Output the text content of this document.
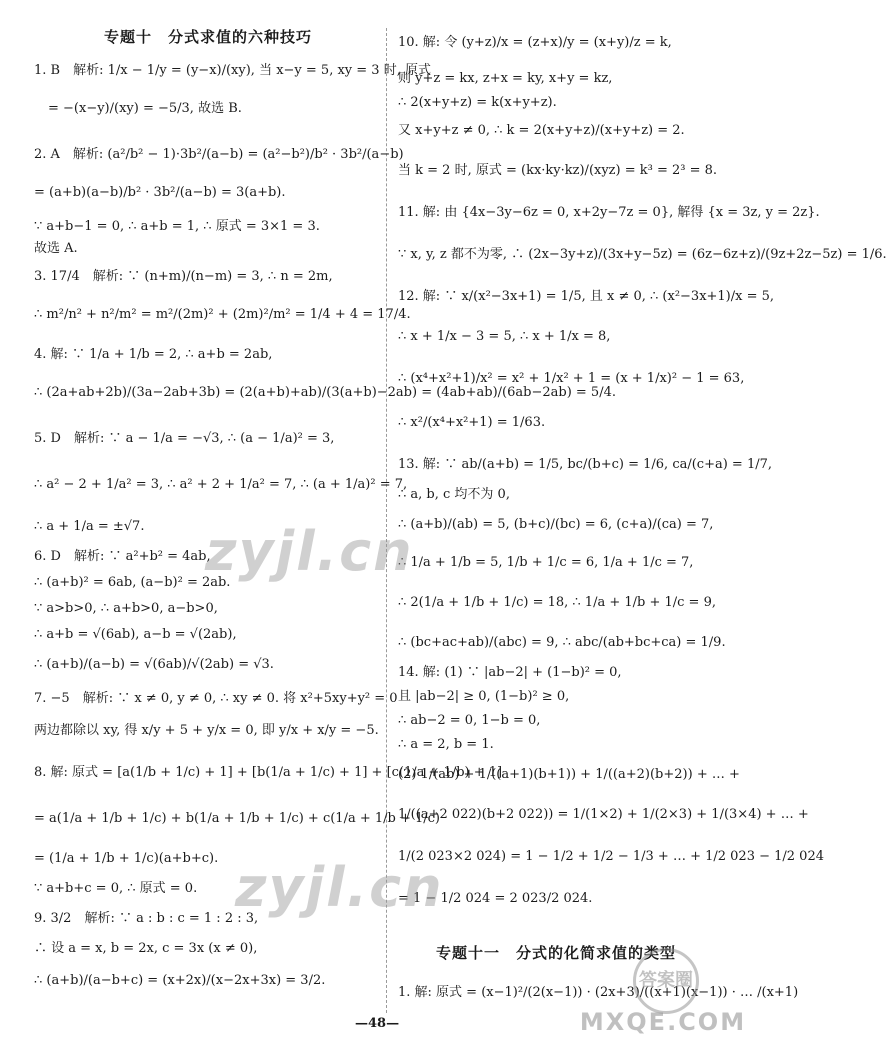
专题十　分式求值的六种技巧
1. B　解析: 1/x − 1/y = (y−x)/(xy), 当 x−y = 5, xy = 3 时, 原式
= −(x−y)/(xy) = −5/3, 故选 B.
2. A　解析: (a²/b² − 1)·3b²/(a−b) = (a²−b²)/b² · 3b²/(a−b)
= (a+b)(a−b)/b² · 3b²/(a−b) = 3(a+b).
∵ a+b−1 = 0, ∴ a+b = 1, ∴ 原式 = 3×1 = 3.
故选 A.
3. 17/4　解析: ∵ (n+m)/(n−m) = 3, ∴ n = 2m,
∴ m²/n² + n²/m² = m²/(2m)² + (2m)²/m² = 1/4 + 4 = 17/4.
4. 解: ∵ 1/a + 1/b = 2, ∴ a+b = 2ab,
∴ (2a+ab+2b)/(3a−2ab+3b) = (2(a+b)+ab)/(3(a+b)−2ab) = (4ab+ab)/(6ab−2ab) = 5/4.
5. D　解析: ∵ a − 1/a = −√3, ∴ (a − 1/a)² = 3,
∴ a² − 2 + 1/a² = 3, ∴ a² + 2 + 1/a² = 7, ∴ (a + 1/a)² = 7,
∴ a + 1/a = ±√7.
6. D　解析: ∵ a²+b² = 4ab,
∴ (a+b)² = 6ab, (a−b)² = 2ab.
∵ a>b>0, ∴ a+b>0, a−b>0,
∴ a+b = √(6ab), a−b = √(2ab),
∴ (a+b)/(a−b) = √(6ab)/√(2ab) = √3.
7. −5　解析: ∵ x ≠ 0, y ≠ 0, ∴ xy ≠ 0. 将 x²+5xy+y² = 0
两边都除以 xy, 得 x/y + 5 + y/x = 0, 即 y/x + x/y = −5.
8. 解: 原式 = [a(1/b + 1/c) + 1] + [b(1/a + 1/c) + 1] + [c(1/a + 1/b) + 1]
= a(1/a + 1/b + 1/c) + b(1/a + 1/b + 1/c) + c(1/a + 1/b + 1/c)
= (1/a + 1/b + 1/c)(a+b+c).
∵ a+b+c = 0, ∴ 原式 = 0.
9. 3/2　解析: ∵ a : b : c = 1 : 2 : 3,
∴ 设 a = x, b = 2x, c = 3x (x ≠ 0),
∴ (a+b)/(a−b+c) = (x+2x)/(x−2x+3x) = 3/2.
10. 解: 令 (y+z)/x = (z+x)/y = (x+y)/z = k,
则 y+z = kx, z+x = ky, x+y = kz,
∴ 2(x+y+z) = k(x+y+z).
又 x+y+z ≠ 0, ∴ k = 2(x+y+z)/(x+y+z) = 2.
当 k = 2 时, 原式 = (kx·ky·kz)/(xyz) = k³ = 2³ = 8.
11. 解: 由 {4x−3y−6z = 0, x+2y−7z = 0}, 解得 {x = 3z, y = 2z}.
∵ x, y, z 都不为零, ∴ (2x−3y+z)/(3x+y−5z) = (6z−6z+z)/(9z+2z−5z) = 1/6.
12. 解: ∵ x/(x²−3x+1) = 1/5, 且 x ≠ 0, ∴ (x²−3x+1)/x = 5,
∴ x + 1/x − 3 = 5, ∴ x + 1/x = 8,
∴ (x⁴+x²+1)/x² = x² + 1/x² + 1 = (x + 1/x)² − 1 = 63,
∴ x²/(x⁴+x²+1) = 1/63.
13. 解: ∵ ab/(a+b) = 1/5, bc/(b+c) = 1/6, ca/(c+a) = 1/7,
∴ a, b, c 均不为 0,
∴ (a+b)/(ab) = 5, (b+c)/(bc) = 6, (c+a)/(ca) = 7,
∴ 1/a + 1/b = 5, 1/b + 1/c = 6, 1/a + 1/c = 7,
∴ 2(1/a + 1/b + 1/c) = 18, ∴ 1/a + 1/b + 1/c = 9,
∴ (bc+ac+ab)/(abc) = 9, ∴ abc/(ab+bc+ca) = 1/9.
14. 解: (1) ∵ |ab−2| + (1−b)² = 0,
且 |ab−2| ≥ 0, (1−b)² ≥ 0,
∴ ab−2 = 0, 1−b = 0,
∴ a = 2, b = 1.
(2) 1/(ab) + 1/((a+1)(b+1)) + 1/((a+2)(b+2)) + … +
1/((a+2 022)(b+2 022)) = 1/(1×2) + 1/(2×3) + 1/(3×4) + … +
1/(2 023×2 024) = 1 − 1/2 + 1/2 − 1/3 + … + 1/2 023 − 1/2 024
= 1 − 1/2 024 = 2 023/2 024.
专题十一　分式的化简求值的类型
1. 解: 原式 = (x−1)²/(2(x−1)) · (2x+3)/((x+1)(x−1)) · … /(x+1)
—48—
zyjl.cn
zyjl.cn
答案圈
MXQE.COM
